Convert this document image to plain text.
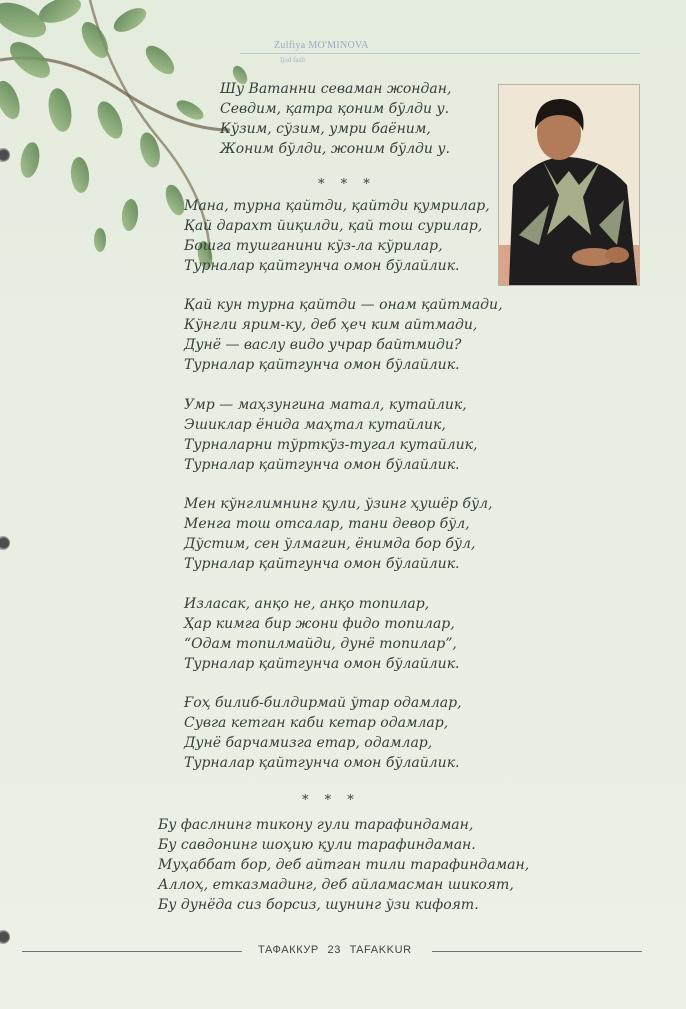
Zulfiya MO'MINOVA
Ijod fasli
Шу Ватанни севаман жондан,
Севдим, қатра қоним бўлди у.
Кўзим, сўзим, умри баёним,
Жоним бўлди, жоним бўлди у.
* * *
Мана, турна қайтди, қайтди қумрилар,
Қай дарахт йиқилди, қай тош сурилар,
Бошга тушганини кўз-ла кўрилар,
Турналар қайтгунча омон бўлайлик.
Қай кун турна қайтди — онам қайтмади,
Кўнгли ярим-ку, деб ҳеч ким айтмади,
Дунё — васлу видо учрар байтмиди?
Турналар қайтгунча омон бўлайлик.
Умр — маҳзунгина матал, кутайлик,
Эшиклар ёнида маҳтал кутайлик,
Турналарни тўрткўз-тугал кутайлик,
Турналар қайтгунча омон бўлайлик.
Мен кўнглимнинг қули, ўзинг ҳушёр бўл,
Менга тош отсалар, тани девор бўл,
Дўстим, сен ўлмагин, ёнимда бор бўл,
Турналар қайтгунча омон бўлайлик.
Изласак, анқо не, анқо топилар,
Ҳар кимга бир жони фидо топилар,
“Одам топилмайди, дунё топилар”,
Турналар қайтгунча омон бўлайлик.
Ғоҳ билиб-билдирмай ўтар одамлар,
Сувга кетган каби кетар одамлар,
Дунё барчамизга етар, одамлар,
Турналар қайтгунча омон бўлайлик.
* * *
Бу фаслнинг тикону гули тарафиндаман,
Бу савдонинг шоҳию қули тарафиндаман.
Муҳаббат бор, деб айтган тили тарафиндаман,
Аллоҳ, етказмадинг, деб айламасман шикоят,
Бу дунёда сиз борсиз, шунинг ўзи кифоят.
ТАФАККУР 23 TAFAKKUR
